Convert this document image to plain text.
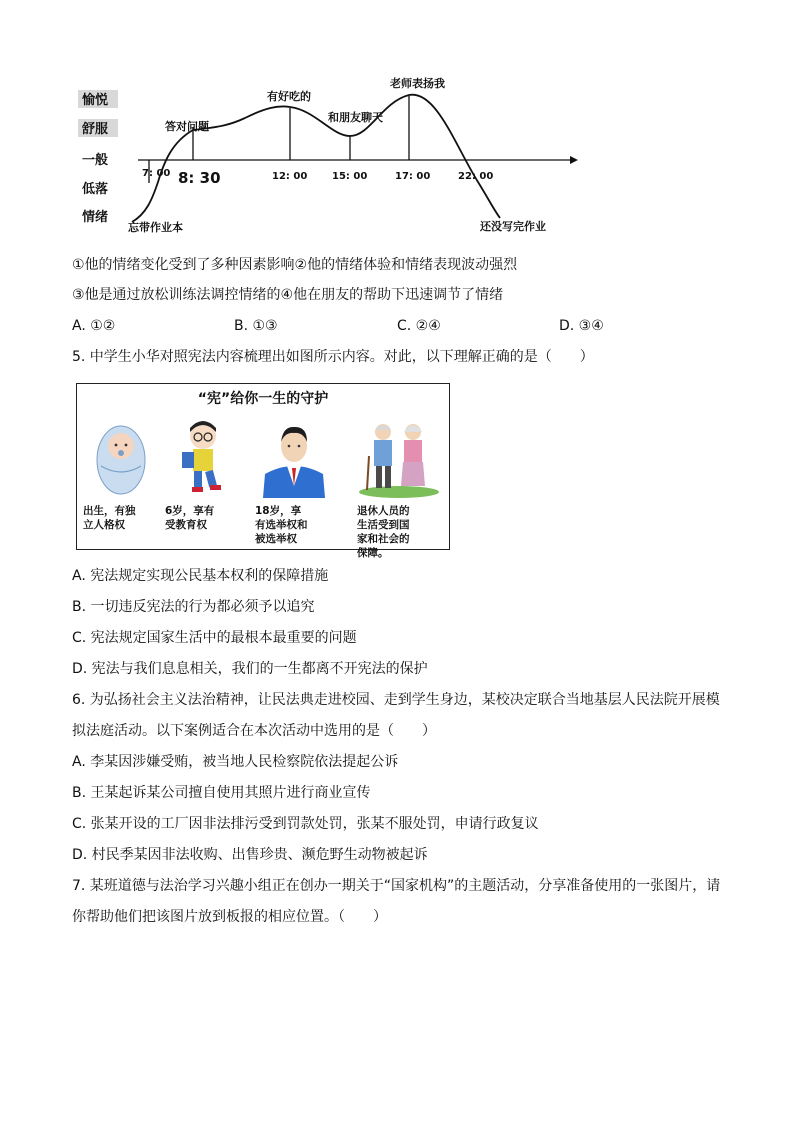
愉悦
舒服
一般
低落
情绪
7: 00 8: 30	12: 00 15: 00	17: 00	22: 00
答对问题
有好吃的
和朋友聊天
老师表扬我
忘带作业本	还没写完作业
①他的情绪变化受到了多种因素影响②他的情绪体验和情绪表现波动强烈
③他是通过放松训练法调控情绪的④他在朋友的帮助下迅速调节了情绪
A. ①②	B. ①③	C. ②④	D. ③④
5. 中学生小华对照宪法内容梳理出如图所示内容。对此，以下理解正确的是（　　）
“宪”给你一生的守护
出生，有独
立人格权
6岁，享有
受教育权
18岁，享
有选举权和
被选举权
退休人员的
生活受到国
家和社会的
保障。
A. 宪法规定实现公民基本权利的保障措施
B. 一切违反宪法的行为都必须予以追究
C. 宪法规定国家生活中的最根本最重要的问题
D. 宪法与我们息息相关，我们的一生都离不开宪法的保护
6. 为弘扬社会主义法治精神，让民法典走进校园、走到学生身边，某校决定联合当地基层人民法院开展模
拟法庭活动。以下案例适合在本次活动中选用的是（　　）
A. 李某因涉嫌受贿，被当地人民检察院依法提起公诉
B. 王某起诉某公司擅自使用其照片进行商业宣传
C. 张某开设的工厂因非法排污受到罚款处罚，张某不服处罚，申请行政复议
D. 村民季某因非法收购、出售珍贵、濒危野生动物被起诉
7. 某班道德与法治学习兴趣小组正在创办一期关于“国家机构”的主题活动，分享准备使用的一张图片，请
你帮助他们把该图片放到板报的相应位置。（　　）
